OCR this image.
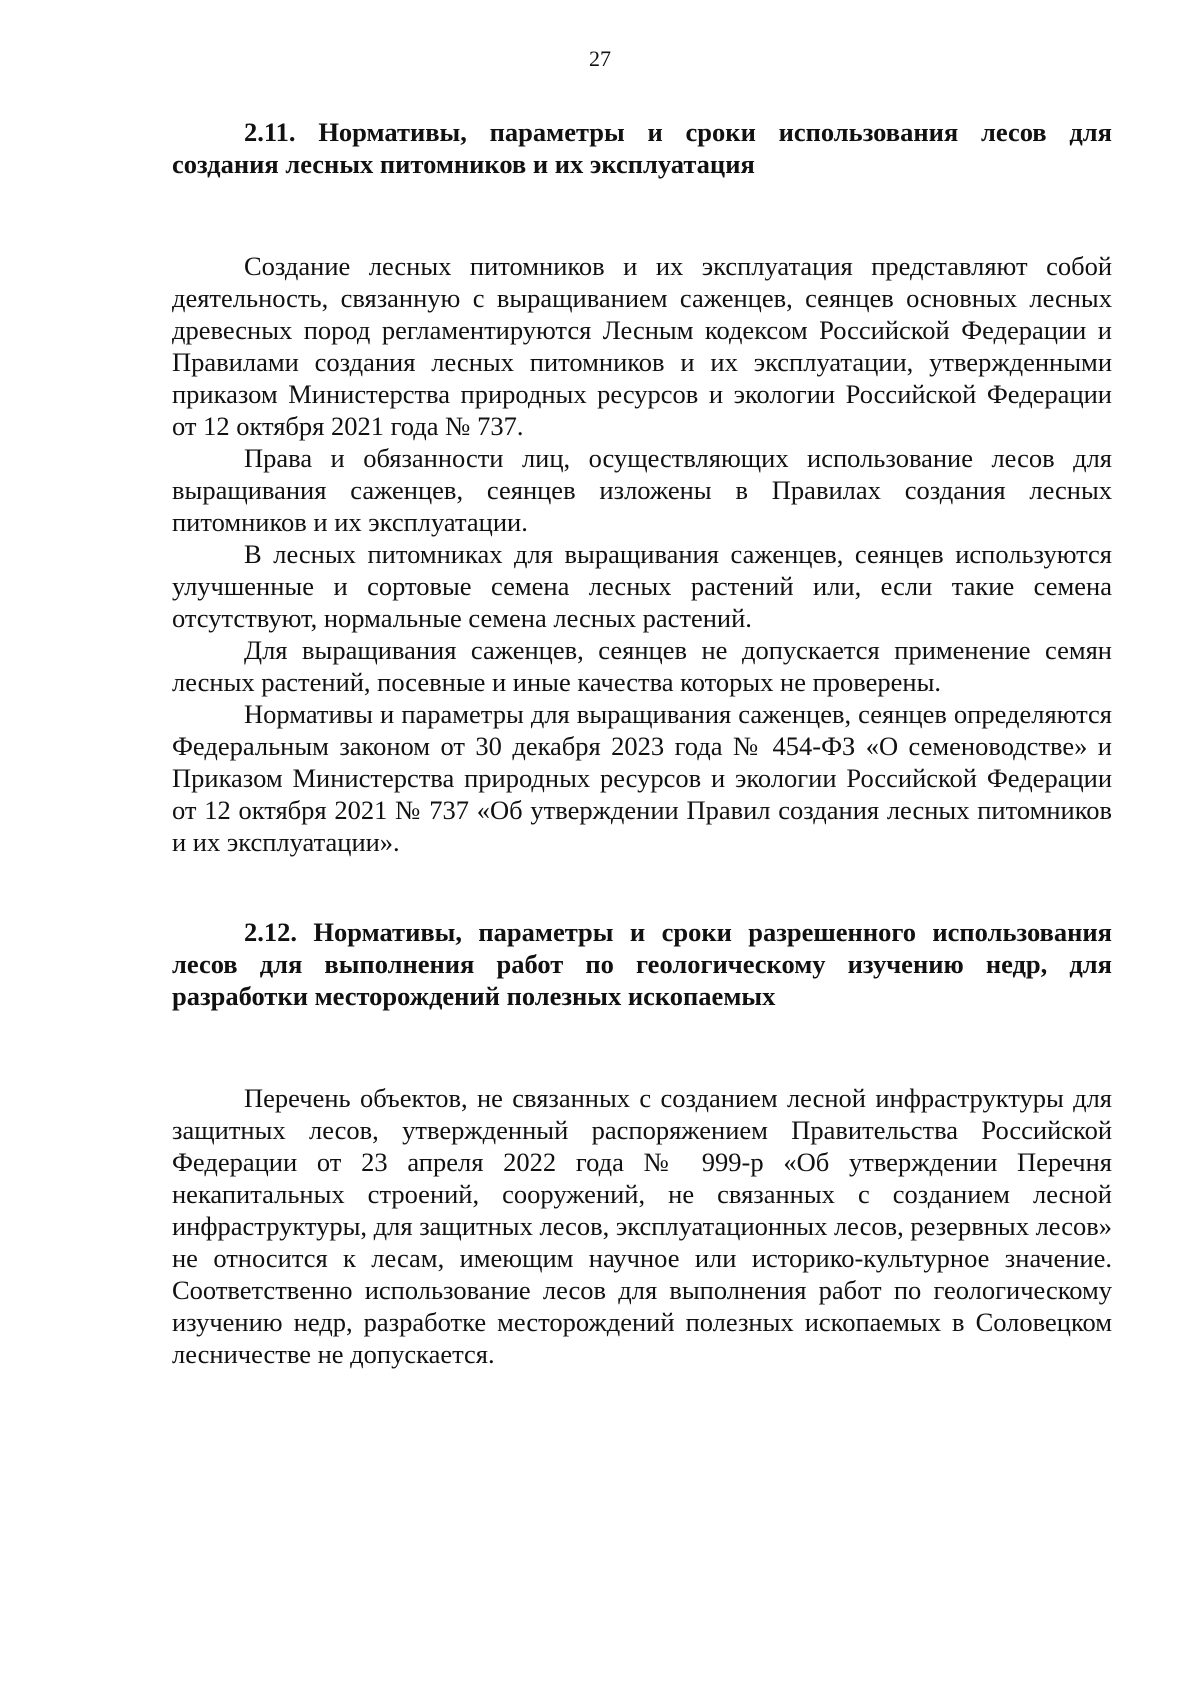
27
2.11. Нормативы, параметры и сроки использования лесов для создания лесных питомников и их эксплуатация

Создание лесных питомников и их эксплуатация представляют собой деятельность, связанную с выращиванием саженцев, сеянцев основных лесных древесных пород регламентируются Лесным кодексом Российской Федерации и Правилами создания лесных питомников и их эксплуатации, утвержденными приказом Министерства природных ресурсов и экологии Российской Федерации от 12 октября 2021 года № 737.

Права и обязанности лиц, осуществляющих использование лесов для выращивания саженцев, сеянцев изложены в Правилах создания лесных питомников и их эксплуатации.

В лесных питомниках для выращивания саженцев, сеянцев используются улучшенные и сортовые семена лесных растений или, если такие семена отсутствуют, нормальные семена лесных растений.

Для выращивания саженцев, сеянцев не допускается применение семян лесных растений, посевные и иные качества которых не проверены.

Нормативы и параметры для выращивания саженцев, сеянцев определяются Федеральным законом от 30 декабря 2023 года № 454-ФЗ «О семеноводстве» и Приказом Министерства природных ресурсов и экологии Российской Федерации от 12 октября 2021 № 737 «Об утверждении Правил создания лесных питомников и их эксплуатации».

2.12. Нормативы, параметры и сроки разрешенного использования лесов для выполнения работ по геологическому изучению недр, для разработки месторождений полезных ископаемых

Перечень объектов, не связанных с созданием лесной инфраструктуры для защитных лесов, утвержденный распоряжением Правительства Российской Федерации от 23 апреля 2022 года № 999-р «Об утверждении Перечня некапитальных строений, сооружений, не связанных с созданием лесной инфраструктуры, для защитных лесов, эксплуатационных лесов, резервных лесов» не относится к лесам, имеющим научное или историко-культурное значение. Соответственно использование лесов для выполнения работ по геологическому изучению недр, разработке месторождений полезных ископаемых в Соловецком лесничестве не допускается.
